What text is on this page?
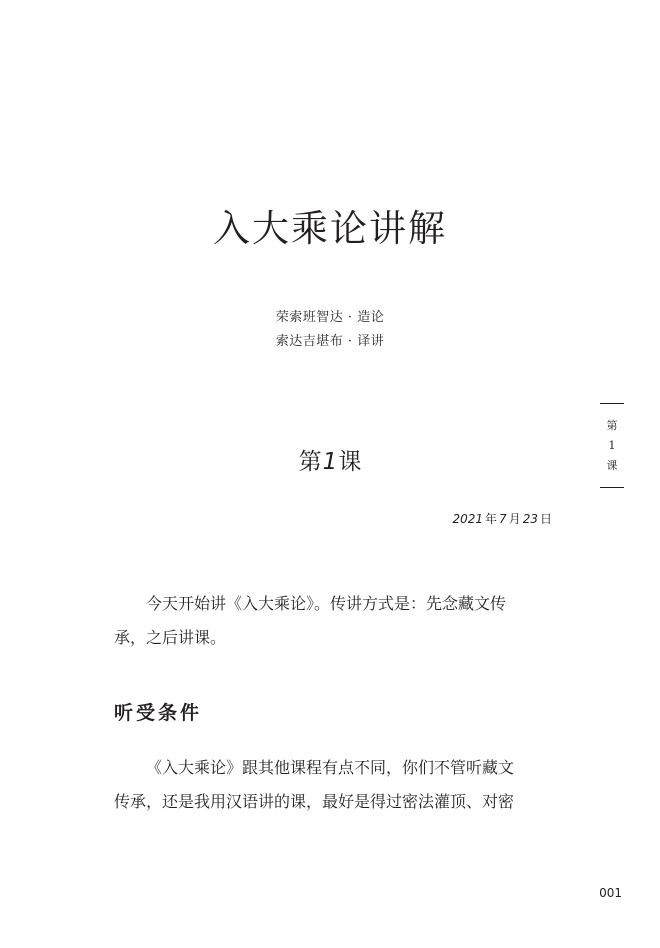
入大乘论讲解
荣索班智达 · 造论
索达吉堪布 · 译讲
第
1
课
第1课
2021 年 7 月 23 日
今天开始讲《入大乘论》。传讲方式是：先念藏文传
承，之后讲课。
听受条件
《入大乘论》跟其他课程有点不同，你们不管听藏文
传承，还是我用汉语讲的课，最好是得过密法灌顶、对密
001
